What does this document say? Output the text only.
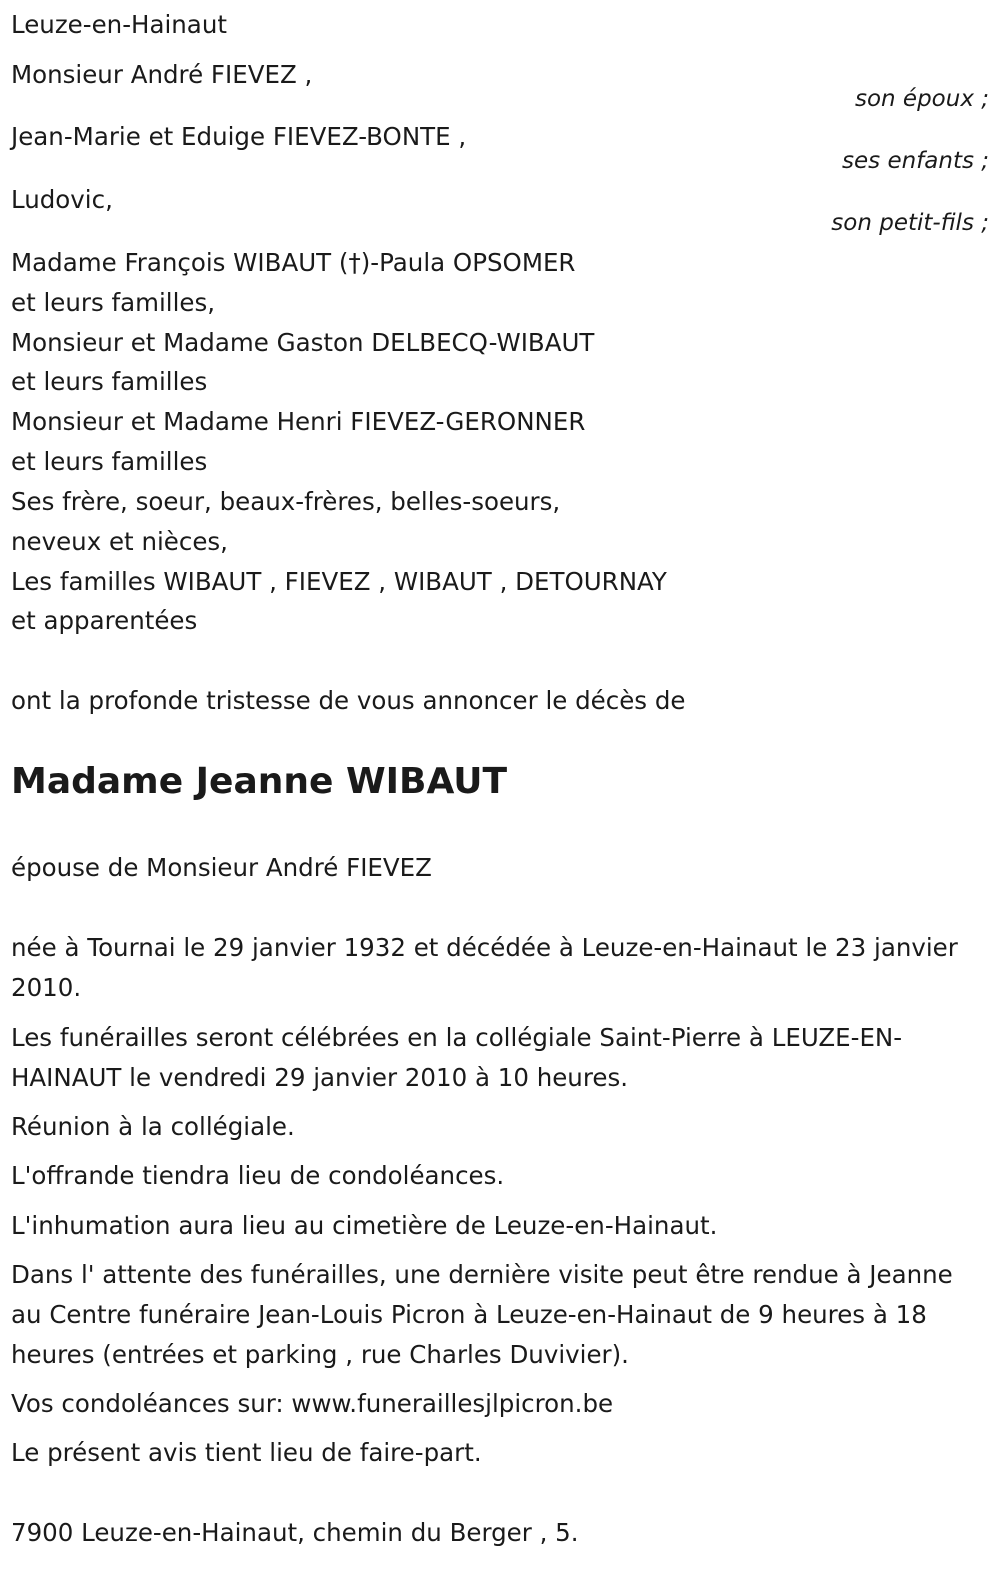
Leuze-en-Hainaut
Monsieur André FIEVEZ ,
son époux ;
Jean-Marie et Eduige FIEVEZ-BONTE ,
ses enfants ;
Ludovic,
son petit-fils ;
Madame François WIBAUT (†)-Paula OPSOMER
et leurs familles,
Monsieur et Madame Gaston DELBECQ-WIBAUT
et leurs familles
Monsieur et Madame Henri FIEVEZ-GERONNER
et leurs familles
Ses frère, soeur, beaux-frères, belles-soeurs,
neveux et nièces,
Les familles WIBAUT , FIEVEZ , WIBAUT , DETOURNAY
et apparentées
ont la profonde tristesse de vous annoncer le décès de
Madame Jeanne WIBAUT
épouse de Monsieur André FIEVEZ
née à Tournai le 29 janvier 1932 et décédée à Leuze-en-Hainaut le 23 janvier 2010.
Les funérailles seront célébrées en la collégiale Saint-Pierre à LEUZE-EN-HAINAUT le vendredi 29 janvier 2010 à 10 heures.
Réunion à la collégiale.
L'offrande tiendra lieu de condoléances.
L'inhumation aura lieu au cimetière de Leuze-en-Hainaut.
Dans l' attente des funérailles, une dernière visite peut être rendue à Jeanne au Centre funéraire Jean-Louis Picron à Leuze-en-Hainaut de 9 heures à 18 heures (entrées et parking , rue Charles Duvivier).
Vos condoléances sur: www.funeraillesjlpicron.be
Le présent avis tient lieu de faire-part.
7900 Leuze-en-Hainaut, chemin du Berger , 5.
